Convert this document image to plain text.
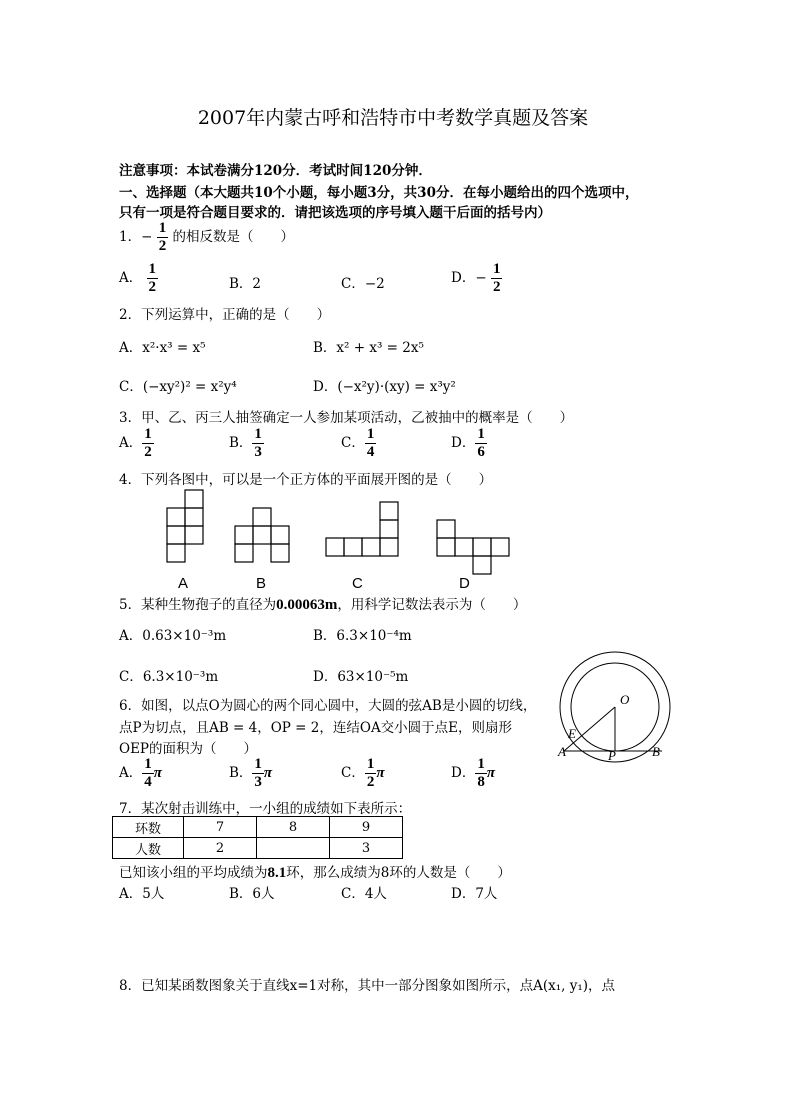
2007年内蒙古呼和浩特市中考数学真题及答案
注意事项：本试卷满分120分．考试时间120分钟．
一、选择题（本大题共10个小题，每小题3分，共30分．在每小题给出的四个选项中，
只有一项是符合题目要求的．请把该选项的序号填入题干后面的括号内）
1．− $\frac{1}{2}$ 的相反数是（　　）
A． $\frac{1}{2}$	B．2	C．−2	D．− $\frac{1}{2}$
2．下列运算中，正确的是（　　）
A．x²·x³ = x⁵	B．x² + x³ = 2x⁵
C．(−xy²)² = x²y⁴	D．(−x²y)·(xy) = x³y²
3．甲、乙、丙三人抽签确定一人参加某项活动，乙被抽中的概率是（　　）
A． $\frac{1}{2}$	B． $\frac{1}{3}$	C． $\frac{1}{4}$	D． $\frac{1}{6}$
4．下列各图中，可以是一个正方体的平面展开图的是（　　）
A	B	C	D
5．某种生物孢子的直径为0.00063m，用科学记数法表示为（　　）
A．0.63×10⁻³m	B．6.3×10⁻⁴m
C．6.3×10⁻³m	D．63×10⁻⁵m
6．如图，以点O为圆心的两个同心圆中，大圆的弦AB是小圆的切线，
点P为切点，且AB = 4，OP = 2，连结OA交小圆于点E，则扇形
OEP的面积为（　　）
O
E
A	P	B
A． $\frac{1}{4}$ π	B． $\frac{1}{3}$ π	C． $\frac{1}{2}$ π	D． $\frac{1}{8}$ π
7．某次射击训练中，一小组的成绩如下表所示：
环数	7	8	9
人数	2		3
已知该小组的平均成绩为8.1环，那么成绩为8环的人数是（　　）
A．5人	B．6人	C．4人	D．7人
8．已知某函数图象关于直线x=1对称，其中一部分图象如图所示，点A(x₁, y₁)，点
